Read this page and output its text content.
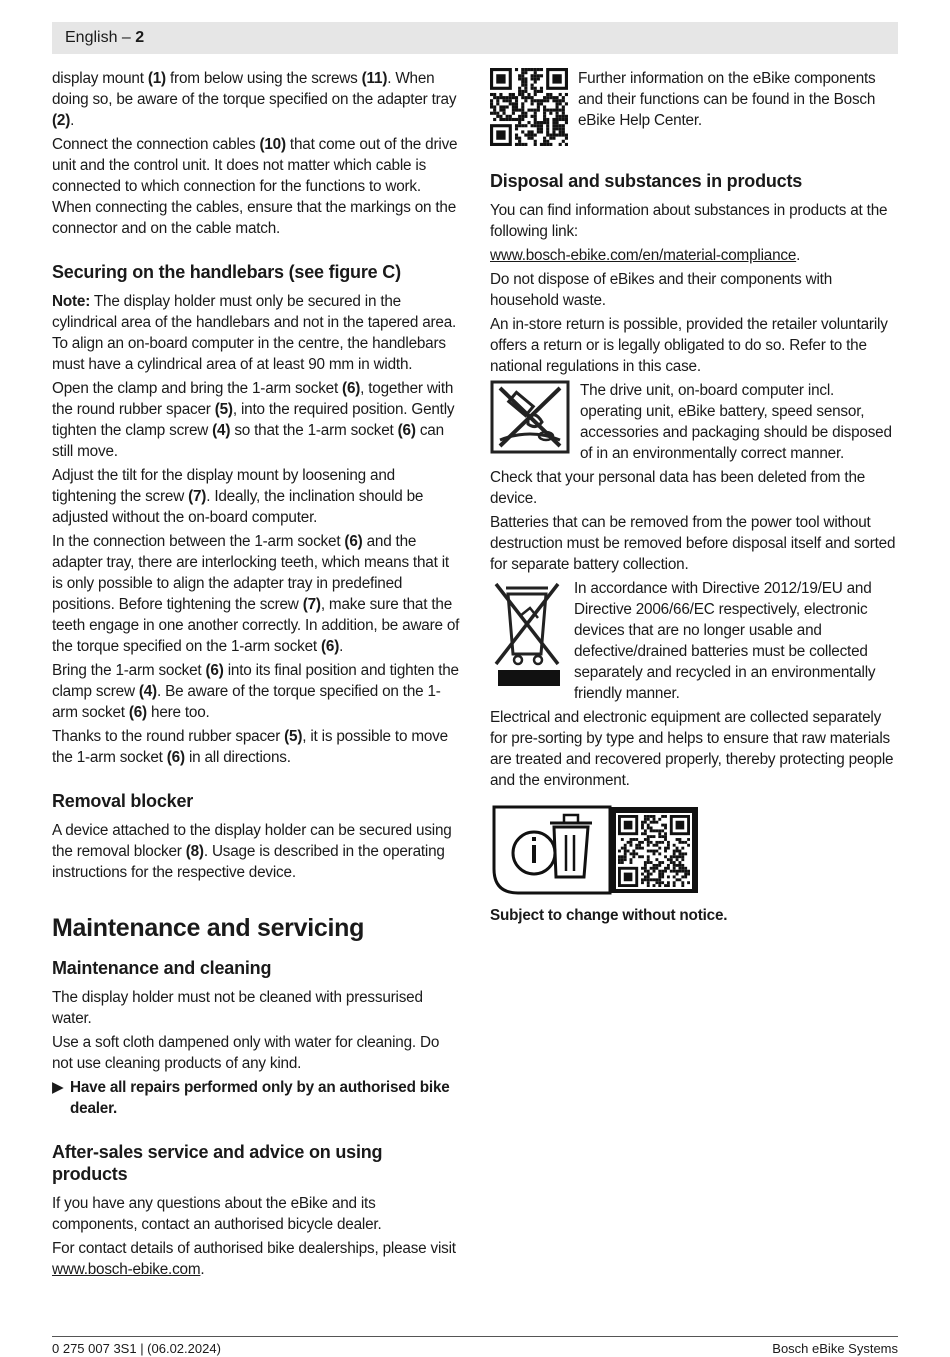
English – 2

display mount (1) from below using the screws (11). When doing so, be aware of the torque specified on the adapter tray (2).

Connect the connection cables (10) that come out of the drive unit and the control unit. It does not matter which cable is connected to which connection for the functions to work. When connecting the cables, ensure that the markings on the connector and on the cable match.

Securing on the handlebars (see figure C)

Note: The display holder must only be secured in the cylindrical area of the handlebars and not in the tapered area. To align an on-board computer in the centre, the handlebars must have a cylindrical area of at least 90 mm in width.

Open the clamp and bring the 1-arm socket (6), together with the round rubber spacer (5), into the required position. Gently tighten the clamp screw (4) so that the 1-arm socket (6) can still move.

Adjust the tilt for the display mount by loosening and tightening the screw (7). Ideally, the inclination should be adjusted without the on-board computer.

In the connection between the 1-arm socket (6) and the adapter tray, there are interlocking teeth, which means that it is only possible to align the adapter tray in predefined positions. Before tightening the screw (7), make sure that the teeth engage in one another correctly. In addition, be aware of the torque specified on the 1-arm socket (6).

Bring the 1-arm socket (6) into its final position and tighten the clamp screw (4). Be aware of the torque specified on the 1-arm socket (6) here too.

Thanks to the round rubber spacer (5), it is possible to move the 1-arm socket (6) in all directions.

Removal blocker

A device attached to the display holder can be secured using the removal blocker (8). Usage is described in the operating instructions for the respective device.

Maintenance and servicing
Maintenance and cleaning

The display holder must not be cleaned with pressurised water.

Use a soft cloth dampened only with water for cleaning. Do not use cleaning products of any kind.

▶ Have all repairs performed only by an authorised bike dealer.
After-sales service and advice on using products

If you have any questions about the eBike and its components, contact an authorised bicycle dealer.

For contact details of authorised bike dealerships, please visit www.bosch-ebike.com.

Further information on the eBike components and their functions can be found in the Bosch eBike Help Center.
Disposal and substances in products

You can find information about substances in products at the following link:

www.bosch-ebike.com/en/material-compliance.

Do not dispose of eBikes and their components with household waste.

An in-store return is possible, provided the retailer voluntarily offers a return or is legally obligated to do so. Refer to the national regulations in this case.

The drive unit, on-board computer incl. operating unit, eBike battery, speed sensor, accessories and packaging should be disposed of in an environmentally correct manner.

Check that your personal data has been deleted from the device.

Batteries that can be removed from the power tool without destruction must be removed before disposal itself and sorted for separate battery collection.

In accordance with Directive 2012/19/EU and Directive 2006/66/EC respectively, electronic devices that are no longer usable and defective/drained batteries must be collected separately and recycled in an environmentally friendly manner.

Electrical and electronic equipment are collected separately for pre-sorting by type and helps to ensure that raw materials are treated and recovered properly, thereby protecting people and the environment.

Subject to change without notice.

0 275 007 3S1 | (06.02.2024)	Bosch eBike Systems
